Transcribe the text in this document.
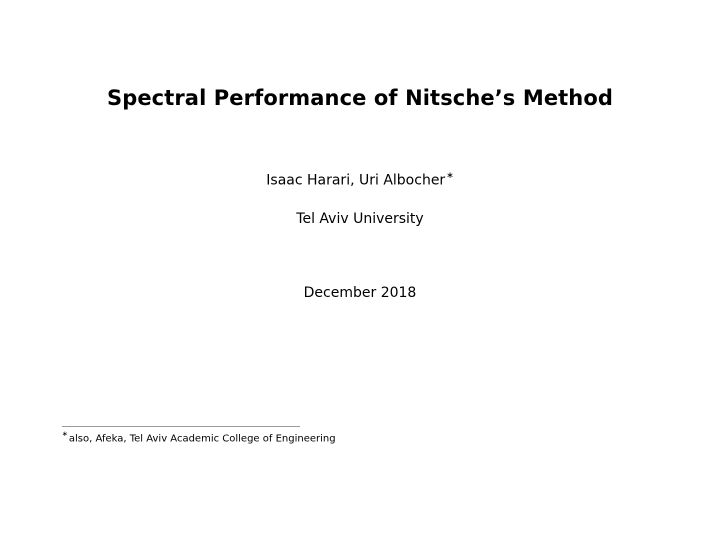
Spectral Performance of Nitsche’s Method
Isaac Harari, Uri Albocher∗
Tel Aviv University
December 2018
∗also, Afeka, Tel Aviv Academic College of Engineering
